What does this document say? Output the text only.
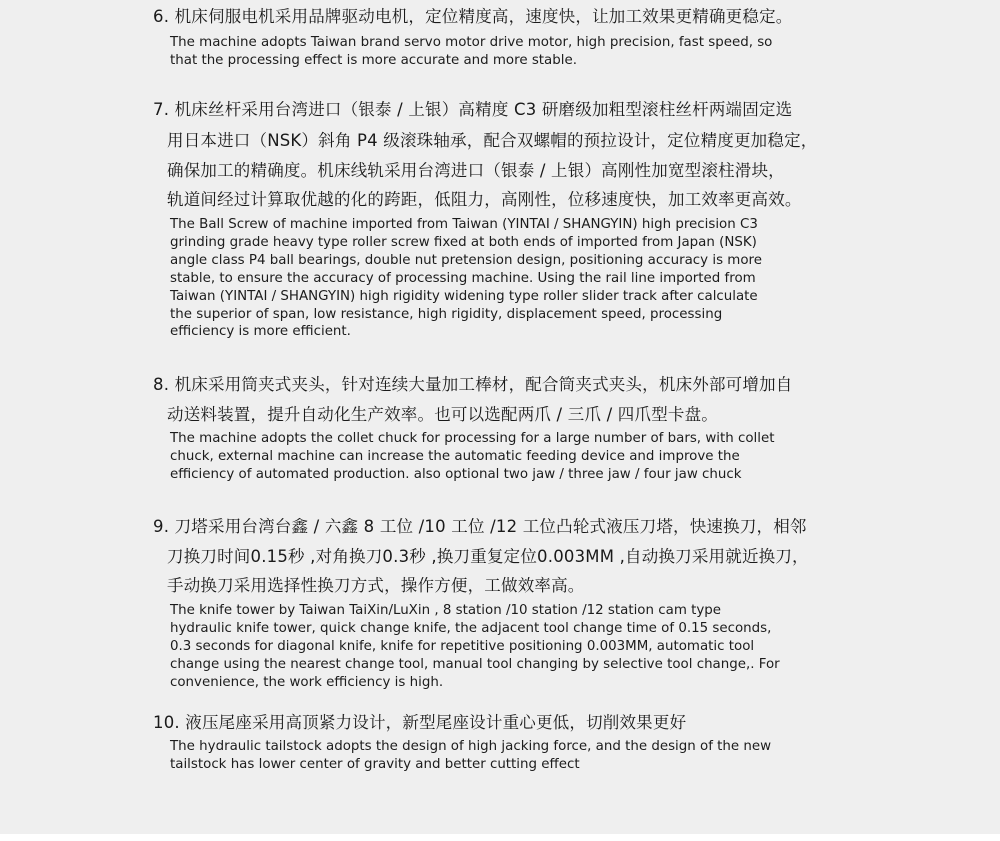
6. 机床伺服电机采用品牌驱动电机，定位精度高，速度快，让加工效果更精确更稳定。
The machine adopts Taiwan brand servo motor drive motor, high precision, fast speed, so
that the processing effect is more accurate and more stable.
7. 机床丝杆采用台湾进口（银泰 / 上银）高精度 C3 研磨级加粗型滚柱丝杆两端固定选
用日本进口（NSK）斜角 P4 级滚珠轴承，配合双螺帽的预拉设计，定位精度更加稳定，
确保加工的精确度。机床线轨采用台湾进口（银泰 / 上银）高刚性加宽型滚柱滑块，
轨道间经过计算取优越的化的跨距，低阻力，高刚性，位移速度快，加工效率更高效。
The Ball Screw of machine imported from Taiwan (YINTAI / SHANGYIN) high precision C3
grinding grade heavy type roller screw fixed at both ends of imported from Japan (NSK)
angle class P4 ball bearings, double nut pretension design, positioning accuracy is more
stable, to ensure the accuracy of processing machine. Using the rail line imported from
Taiwan (YINTAI / SHANGYIN) high rigidity widening type roller slider track after calculate
the superior of span, low resistance, high rigidity, displacement speed, processing
efficiency is more efficient.
8. 机床采用筒夹式夹头，针对连续大量加工棒材，配合筒夹式夹头，机床外部可增加自
动送料装置，提升自动化生产效率。也可以选配两爪 / 三爪 / 四爪型卡盘。
The machine adopts the collet chuck for processing for a large number of bars, with collet
chuck, external machine can increase the automatic feeding device and improve the
efficiency of automated production. also optional two jaw / three jaw / four jaw chuck
9. 刀塔采用台湾台鑫 / 六鑫 8 工位 /10 工位 /12 工位凸轮式液压刀塔，快速换刀，相邻
刀换刀时间0.15秒 ,对角换刀0.3秒 ,换刀重复定位0.003MM ,自动换刀采用就近换刀，
手动换刀采用选择性换刀方式，操作方便，工做效率高。
The knife tower by Taiwan TaiXin/LuXin , 8 station /10 station /12 station cam type
hydraulic knife tower, quick change knife, the adjacent tool change time of 0.15 seconds,
0.3 seconds for diagonal knife, knife for repetitive positioning 0.003MM, automatic tool
change using the nearest change tool, manual tool changing by selective tool change,. For
convenience, the work efficiency is high.
10. 液压尾座采用高顶紧力设计，新型尾座设计重心更低，切削效果更好
The hydraulic tailstock adopts the design of high jacking force, and the design of the new
tailstock has lower center of gravity and better cutting effect
